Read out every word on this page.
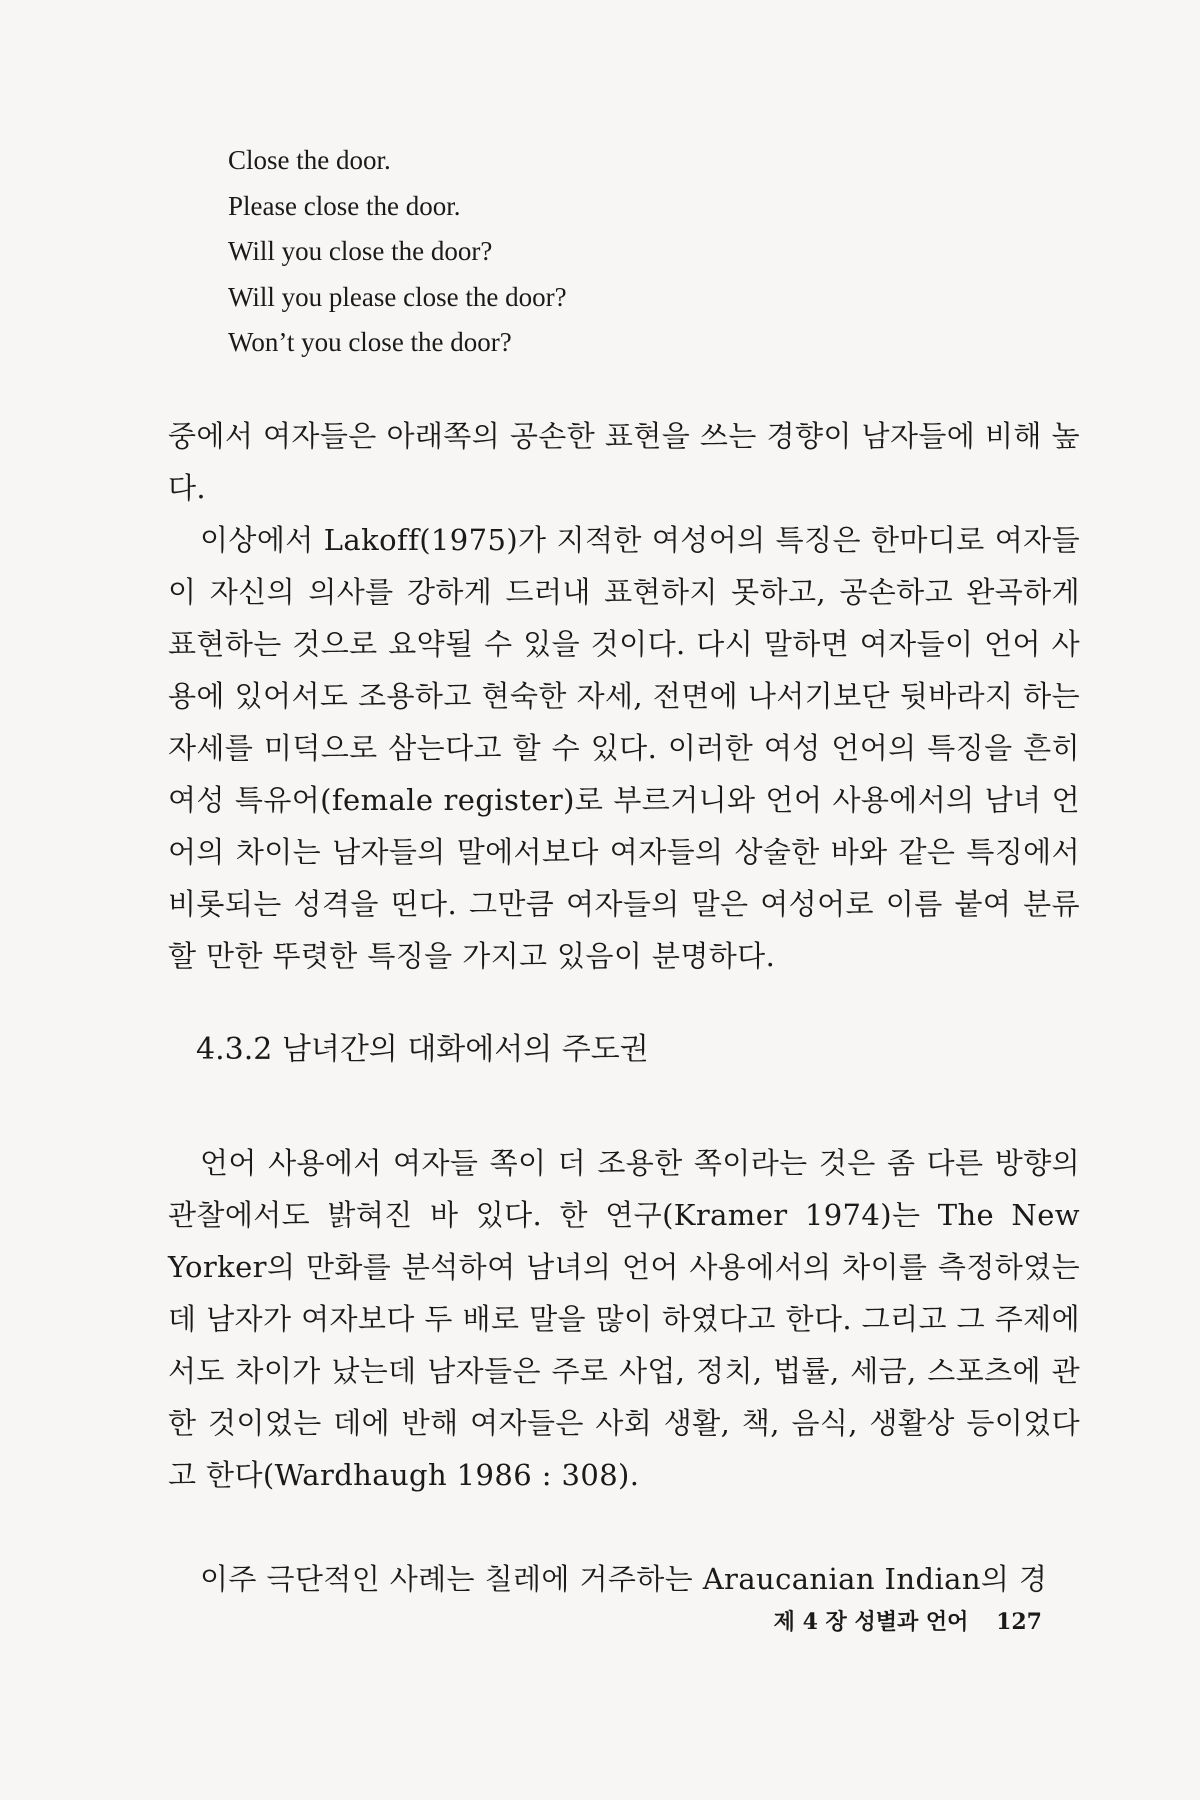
Close the door.
Please close the door.
Will you close the door?
Will you please close the door?
Won’t you close the door?

중에서 여자들은 아래쪽의 공손한 표현을 쓰는 경향이 남자들에 비해 높다.

이상에서 Lakoff(1975)가 지적한 여성어의 특징은 한마디로 여자들이 자신의 의사를 강하게 드러내 표현하지 못하고, 공손하고 완곡하게 표현하는 것으로 요약될 수 있을 것이다. 다시 말하면 여자들이 언어 사용에 있어서도 조용하고 현숙한 자세, 전면에 나서기보단 뒷바라지 하는 자세를 미덕으로 삼는다고 할 수 있다. 이러한 여성 언어의 특징을 흔히 여성 특유어(female register)로 부르거니와 언어 사용에서의 남녀 언어의 차이는 남자들의 말에서보다 여자들의 상술한 바와 같은 특징에서 비롯되는 성격을 띤다. 그만큼 여자들의 말은 여성어로 이름 붙여 분류할 만한 뚜렷한 특징을 가지고 있음이 분명하다.

4.3.2 남녀간의 대화에서의 주도권

언어 사용에서 여자들 쪽이 더 조용한 쪽이라는 것은 좀 다른 방향의 관찰에서도 밝혀진 바 있다. 한 연구(Kramer 1974)는 The New Yorker의 만화를 분석하여 남녀의 언어 사용에서의 차이를 측정하였는데 남자가 여자보다 두 배로 말을 많이 하였다고 한다. 그리고 그 주제에서도 차이가 났는데 남자들은 주로 사업, 정치, 법률, 세금, 스포츠에 관한 것이었는 데에 반해 여자들은 사회 생활, 책, 음식, 생활상 등이었다고 한다(Wardhaugh 1986 : 308).

이주 극단적인 사례는 칠레에 거주하는 Araucanian Indian의 경

제 4 장 성별과 언어 127
